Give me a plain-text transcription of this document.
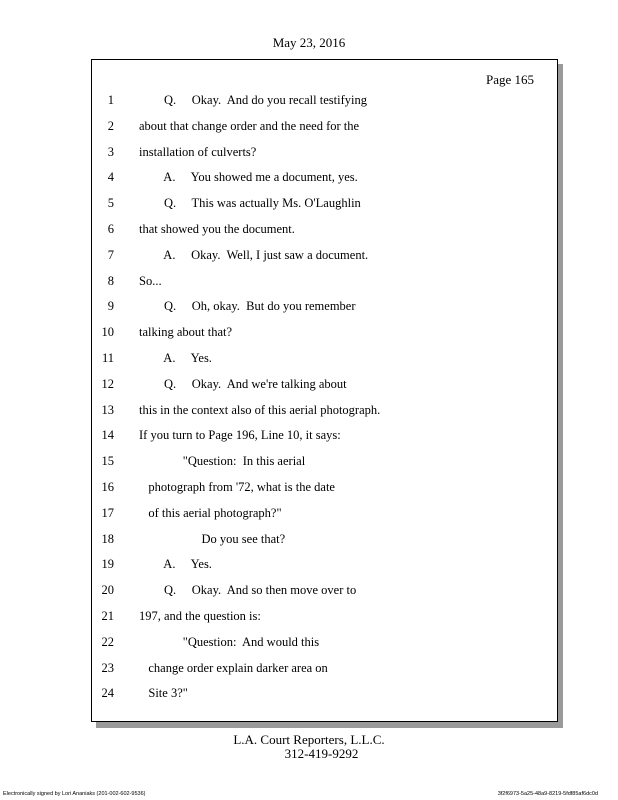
May 23, 2016
Page 165
1 Q.     Okay.  And do you recall testifying
2 about that change order and the need for the
3 installation of culverts?
4 A.     You showed me a document, yes.
5 Q.     This was actually Ms. O'Laughlin
6 that showed you the document.
7 A.     Okay.  Well, I just saw a document.
8 So...
9 Q.     Oh, okay.  But do you remember
10 talking about that?
11 A.     Yes.
12 Q.     Okay.  And we're talking about
13 this in the context also of this aerial photograph.
14 If you turn to Page 196, Line 10, it says:
15 "Question:  In this aerial
16 photograph from '72, what is the date
17 of this aerial photograph?"
18 Do you see that?
19 A.     Yes.
20 Q.     Okay.  And so then move over to
21 197, and the question is:
22 "Question:  And would this
23 change order explain darker area on
24 Site 3?"
L.A. Court Reporters, L.L.C.
312-419-9292
Electronically signed by Lori Ananiaks (201-002-602-9536)	3f2f6973-5a25-48a9-8219-5fdf85af6dc0d
